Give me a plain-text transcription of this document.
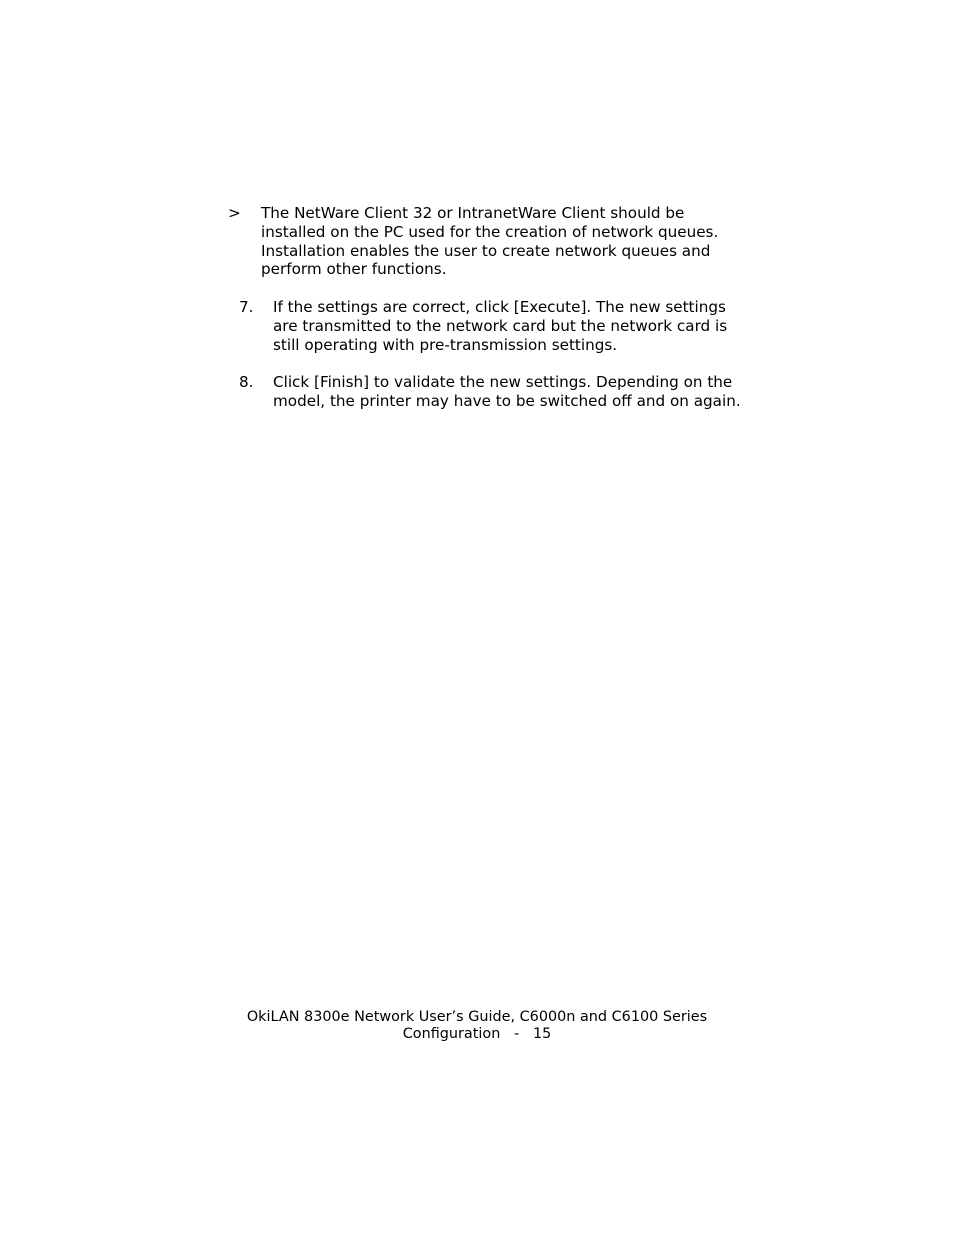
> The NetWare Client 32 or IntranetWare Client should be installed on the PC used for the creation of network queues. Installation enables the user to create network queues and perform other functions.
7. If the settings are correct, click [Execute]. The new settings are transmitted to the network card but the network card is still operating with pre-transmission settings.
8. Click [Finish] to validate the new settings. Depending on the model, the printer may have to be switched off and on again.
OkiLAN 8300e Network User’s Guide, C6000n and C6100 Series
Configuration   -   15
